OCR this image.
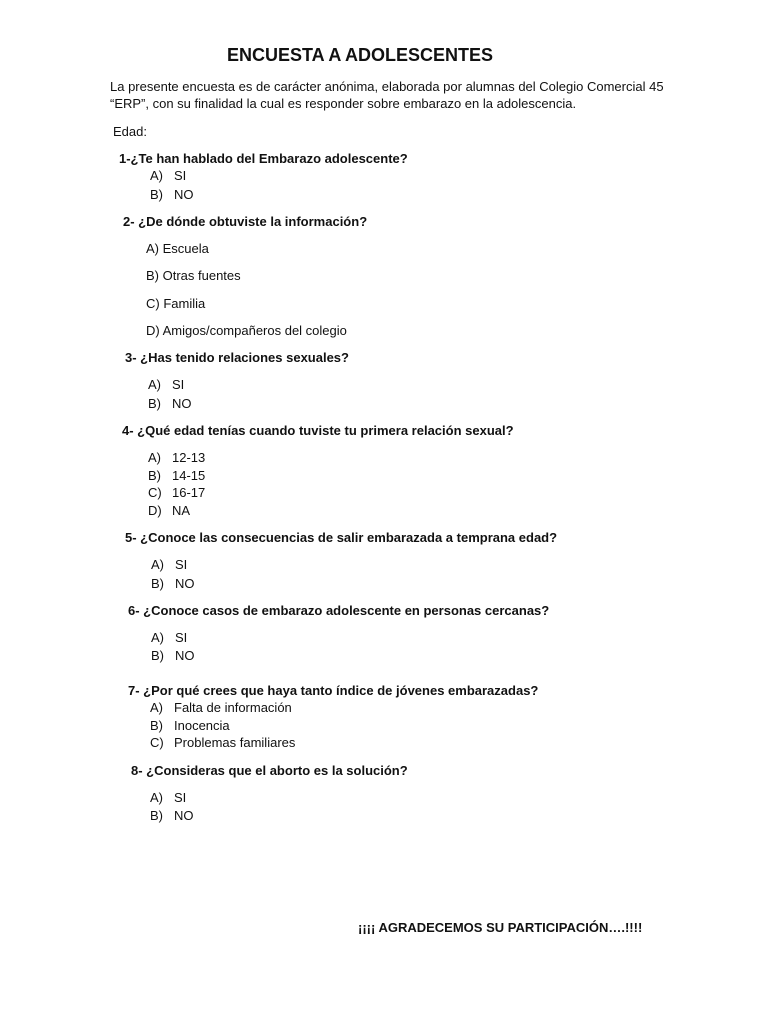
ENCUESTA A ADOLESCENTES
La presente encuesta es de carácter anónima, elaborada por alumnas del Colegio Comercial 45
“ERP”, con su finalidad la cual es responder sobre embarazo en la adolescencia.
Edad:
1-¿Te han hablado del Embarazo adolescente?
A) SI
B) NO
2- ¿De dónde obtuviste la información?
A) Escuela
B) Otras fuentes
C) Familia
D) Amigos/compañeros del colegio
3- ¿Has tenido relaciones sexuales?
A) SI
B) NO
4- ¿Qué edad tenías cuando tuviste tu primera relación sexual?
A) 12-13
B) 14-15
C) 16-17
D) NA
5- ¿Conoce las consecuencias de salir embarazada a temprana edad?
A) SI
B) NO
6- ¿Conoce casos de embarazo adolescente en personas cercanas?
A) SI
B) NO
7- ¿Por qué crees que haya tanto índice de jóvenes embarazadas?
A) Falta de información
B) Inocencia
C) Problemas familiares
8- ¿Consideras que el aborto es la solución?
A) SI
B) NO
¡¡¡¡ AGRADECEMOS SU PARTICIPACIÓN….!!!!
